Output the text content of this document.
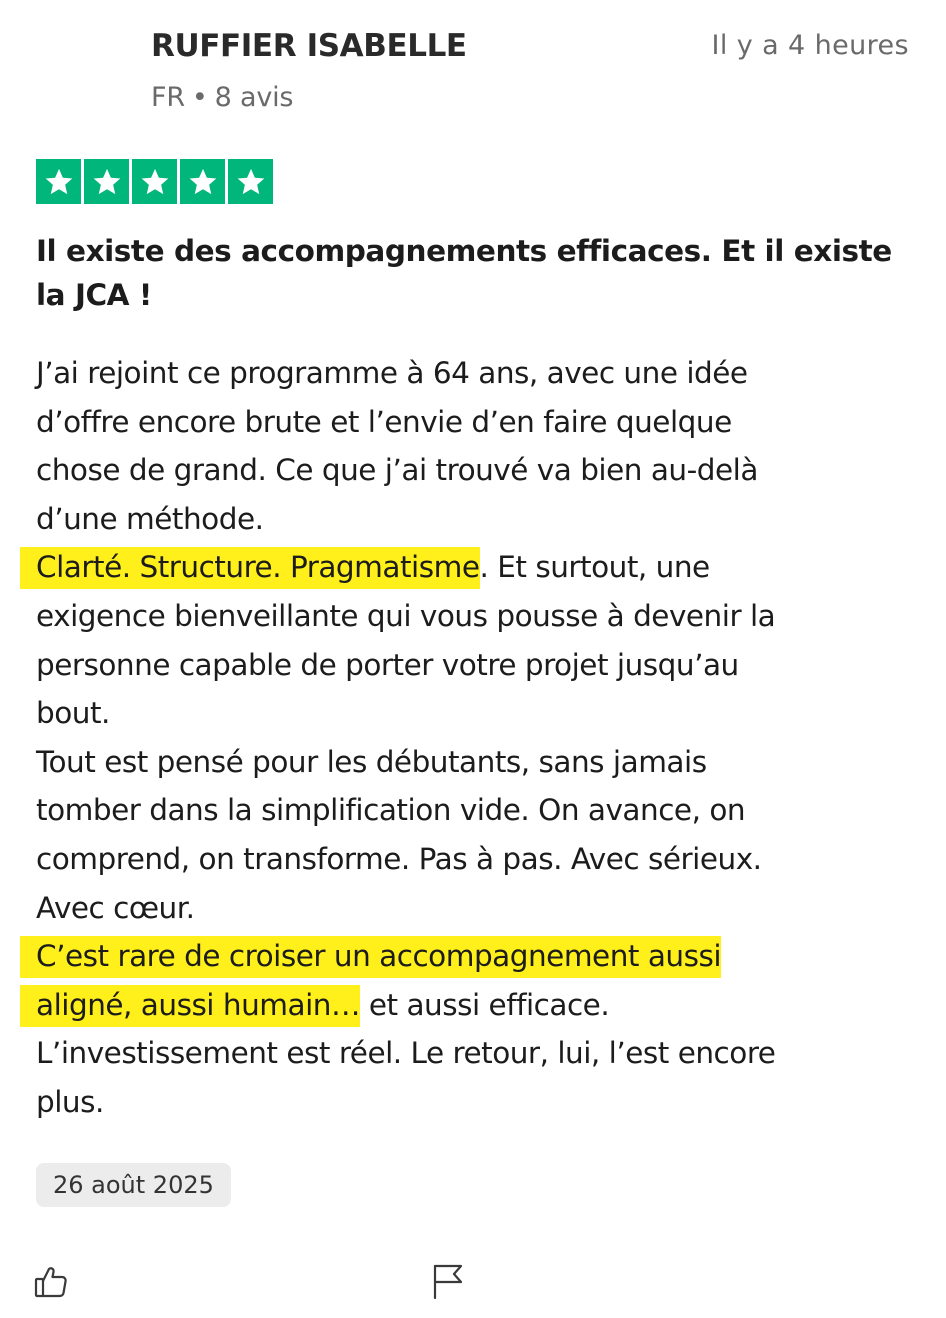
RUFFIER ISABELLE
FR • 8 avis
Il y a 4 heures
Il existe des accompagnements efficaces. Et il existe
la JCA !
J’ai rejoint ce programme à 64 ans, avec une idée
d’offre encore brute et l’envie d’en faire quelque
chose de grand. Ce que j’ai trouvé va bien au-delà
d’une méthode.
Clarté. Structure. Pragmatisme. Et surtout, une
exigence bienveillante qui vous pousse à devenir la
personne capable de porter votre projet jusqu’au
bout.
Tout est pensé pour les débutants, sans jamais
tomber dans la simplification vide. On avance, on
comprend, on transforme. Pas à pas. Avec sérieux.
Avec cœur.
C’est rare de croiser un accompagnement aussi
aligné, aussi humain… et aussi efficace.
L’investissement est réel. Le retour, lui, l’est encore
plus.
26 août 2025
